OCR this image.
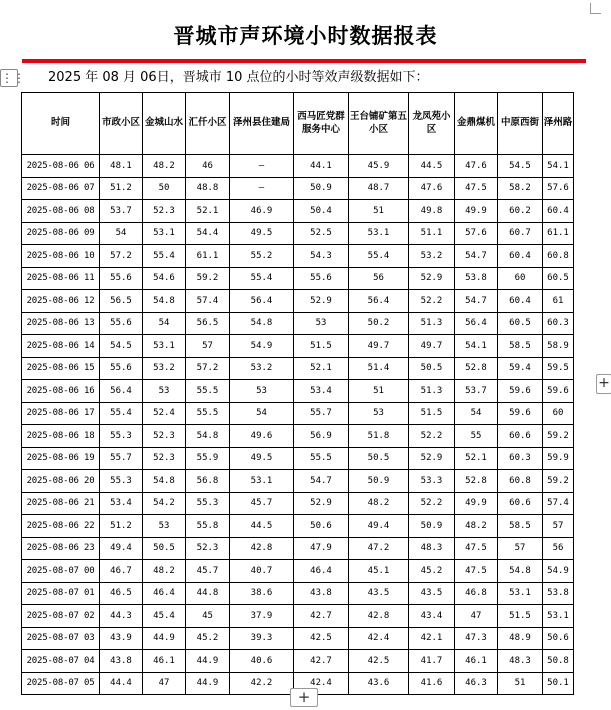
晋城市声环境小时数据报表
⋮⋮ 2025 年 08 月 06日，晋城市 10 点位的小时等效声级数据如下：
时间	市政小区	金城山水	汇仟小区	泽州县住建局	西马匠党群服务中心	王台铺矿第五小区	龙凤苑小区	金鼎煤机	中原西街	泽州路
2025-08-06 06	48.1	48.2	46	—	44.1	45.9	44.5	47.6	54.5	54.1
2025-08-06 07	51.2	50	48.8	—	50.9	48.7	47.6	47.5	58.2	57.6
2025-08-06 08	53.7	52.3	52.1	46.9	50.4	51	49.8	49.9	60.2	60.4
2025-08-06 09	54	53.1	54.4	49.5	52.5	53.1	51.1	57.6	60.7	61.1
2025-08-06 10	57.2	55.4	61.1	55.2	54.3	55.4	53.2	54.7	60.4	60.8
2025-08-06 11	55.6	54.6	59.2	55.4	55.6	56	52.9	53.8	60	60.5
2025-08-06 12	56.5	54.8	57.4	56.4	52.9	56.4	52.2	54.7	60.4	61
2025-08-06 13	55.6	54	56.5	54.8	53	50.2	51.3	56.4	60.5	60.3
2025-08-06 14	54.5	53.1	57	54.9	51.5	49.7	49.7	54.1	58.5	58.9
2025-08-06 15	55.6	53.2	57.2	53.2	52.1	51.4	50.5	52.8	59.4	59.5
2025-08-06 16	56.4	53	55.5	53	53.4	51	51.3	53.7	59.6	59.6
2025-08-06 17	55.4	52.4	55.5	54	55.7	53	51.5	54	59.6	60
2025-08-06 18	55.3	52.3	54.8	49.6	56.9	51.8	52.2	55	60.6	59.2
2025-08-06 19	55.7	52.3	55.9	49.5	55.5	50.5	52.9	52.1	60.3	59.9
2025-08-06 20	55.3	54.8	56.8	53.1	54.7	50.9	53.3	52.8	60.8	59.2
2025-08-06 21	53.4	54.2	55.3	45.7	52.9	48.2	52.2	49.9	60.6	57.4
2025-08-06 22	51.2	53	55.8	44.5	50.6	49.4	50.9	48.2	58.5	57
2025-08-06 23	49.4	50.5	52.3	42.8	47.9	47.2	48.3	47.5	57	56
2025-08-07 00	46.7	48.2	45.7	40.7	46.4	45.1	45.2	47.5	54.8	54.9
2025-08-07 01	46.5	46.4	44.8	38.6	43.8	43.5	43.5	46.8	53.1	53.8
2025-08-07 02	44.3	45.4	45	37.9	42.7	42.8	43.4	47	51.5	53.1
2025-08-07 03	43.9	44.9	45.2	39.3	42.5	42.4	42.1	47.3	48.9	50.6
2025-08-07 04	43.8	46.1	44.9	40.6	42.7	42.5	41.7	46.1	48.3	50.8
2025-08-07 05	44.4	47	44.9	42.2	42.4	43.6	41.6	46.3	51	50.1
+
+
